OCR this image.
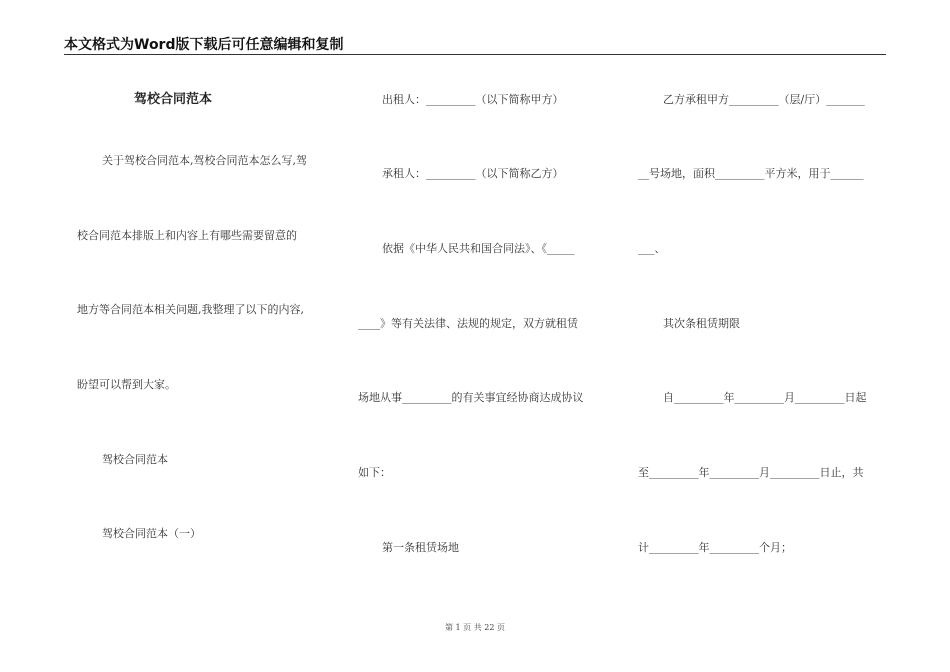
本文格式为Word版下载后可任意编辑和复制
驾校合同范本
关于驾校合同范本,驾校合同范本怎么写,驾
校合同范本排版上和内容上有哪些需要留意的
地方等合同范本相关问题,我整理了以下的内容,
盼望可以帮到大家。
驾校合同范本
驾校合同范本（一）
出租人：_________（以下简称甲方）
承租人：_________（以下简称乙方）
依据《中华人民共和国合同法》、《_____
____》等有关法律、法规的规定，双方就租赁
场地从事_________的有关事宜经协商达成协议
如下：
第一条租赁场地
乙方承租甲方_________（层/厅）_______
__号场地，面积_________平方米，用于______
___、
其次条租赁期限
自_________年_________月_________日起
至_________年_________月_________日止，共
计_________年_________个月；
第 1 页 共 22 页
